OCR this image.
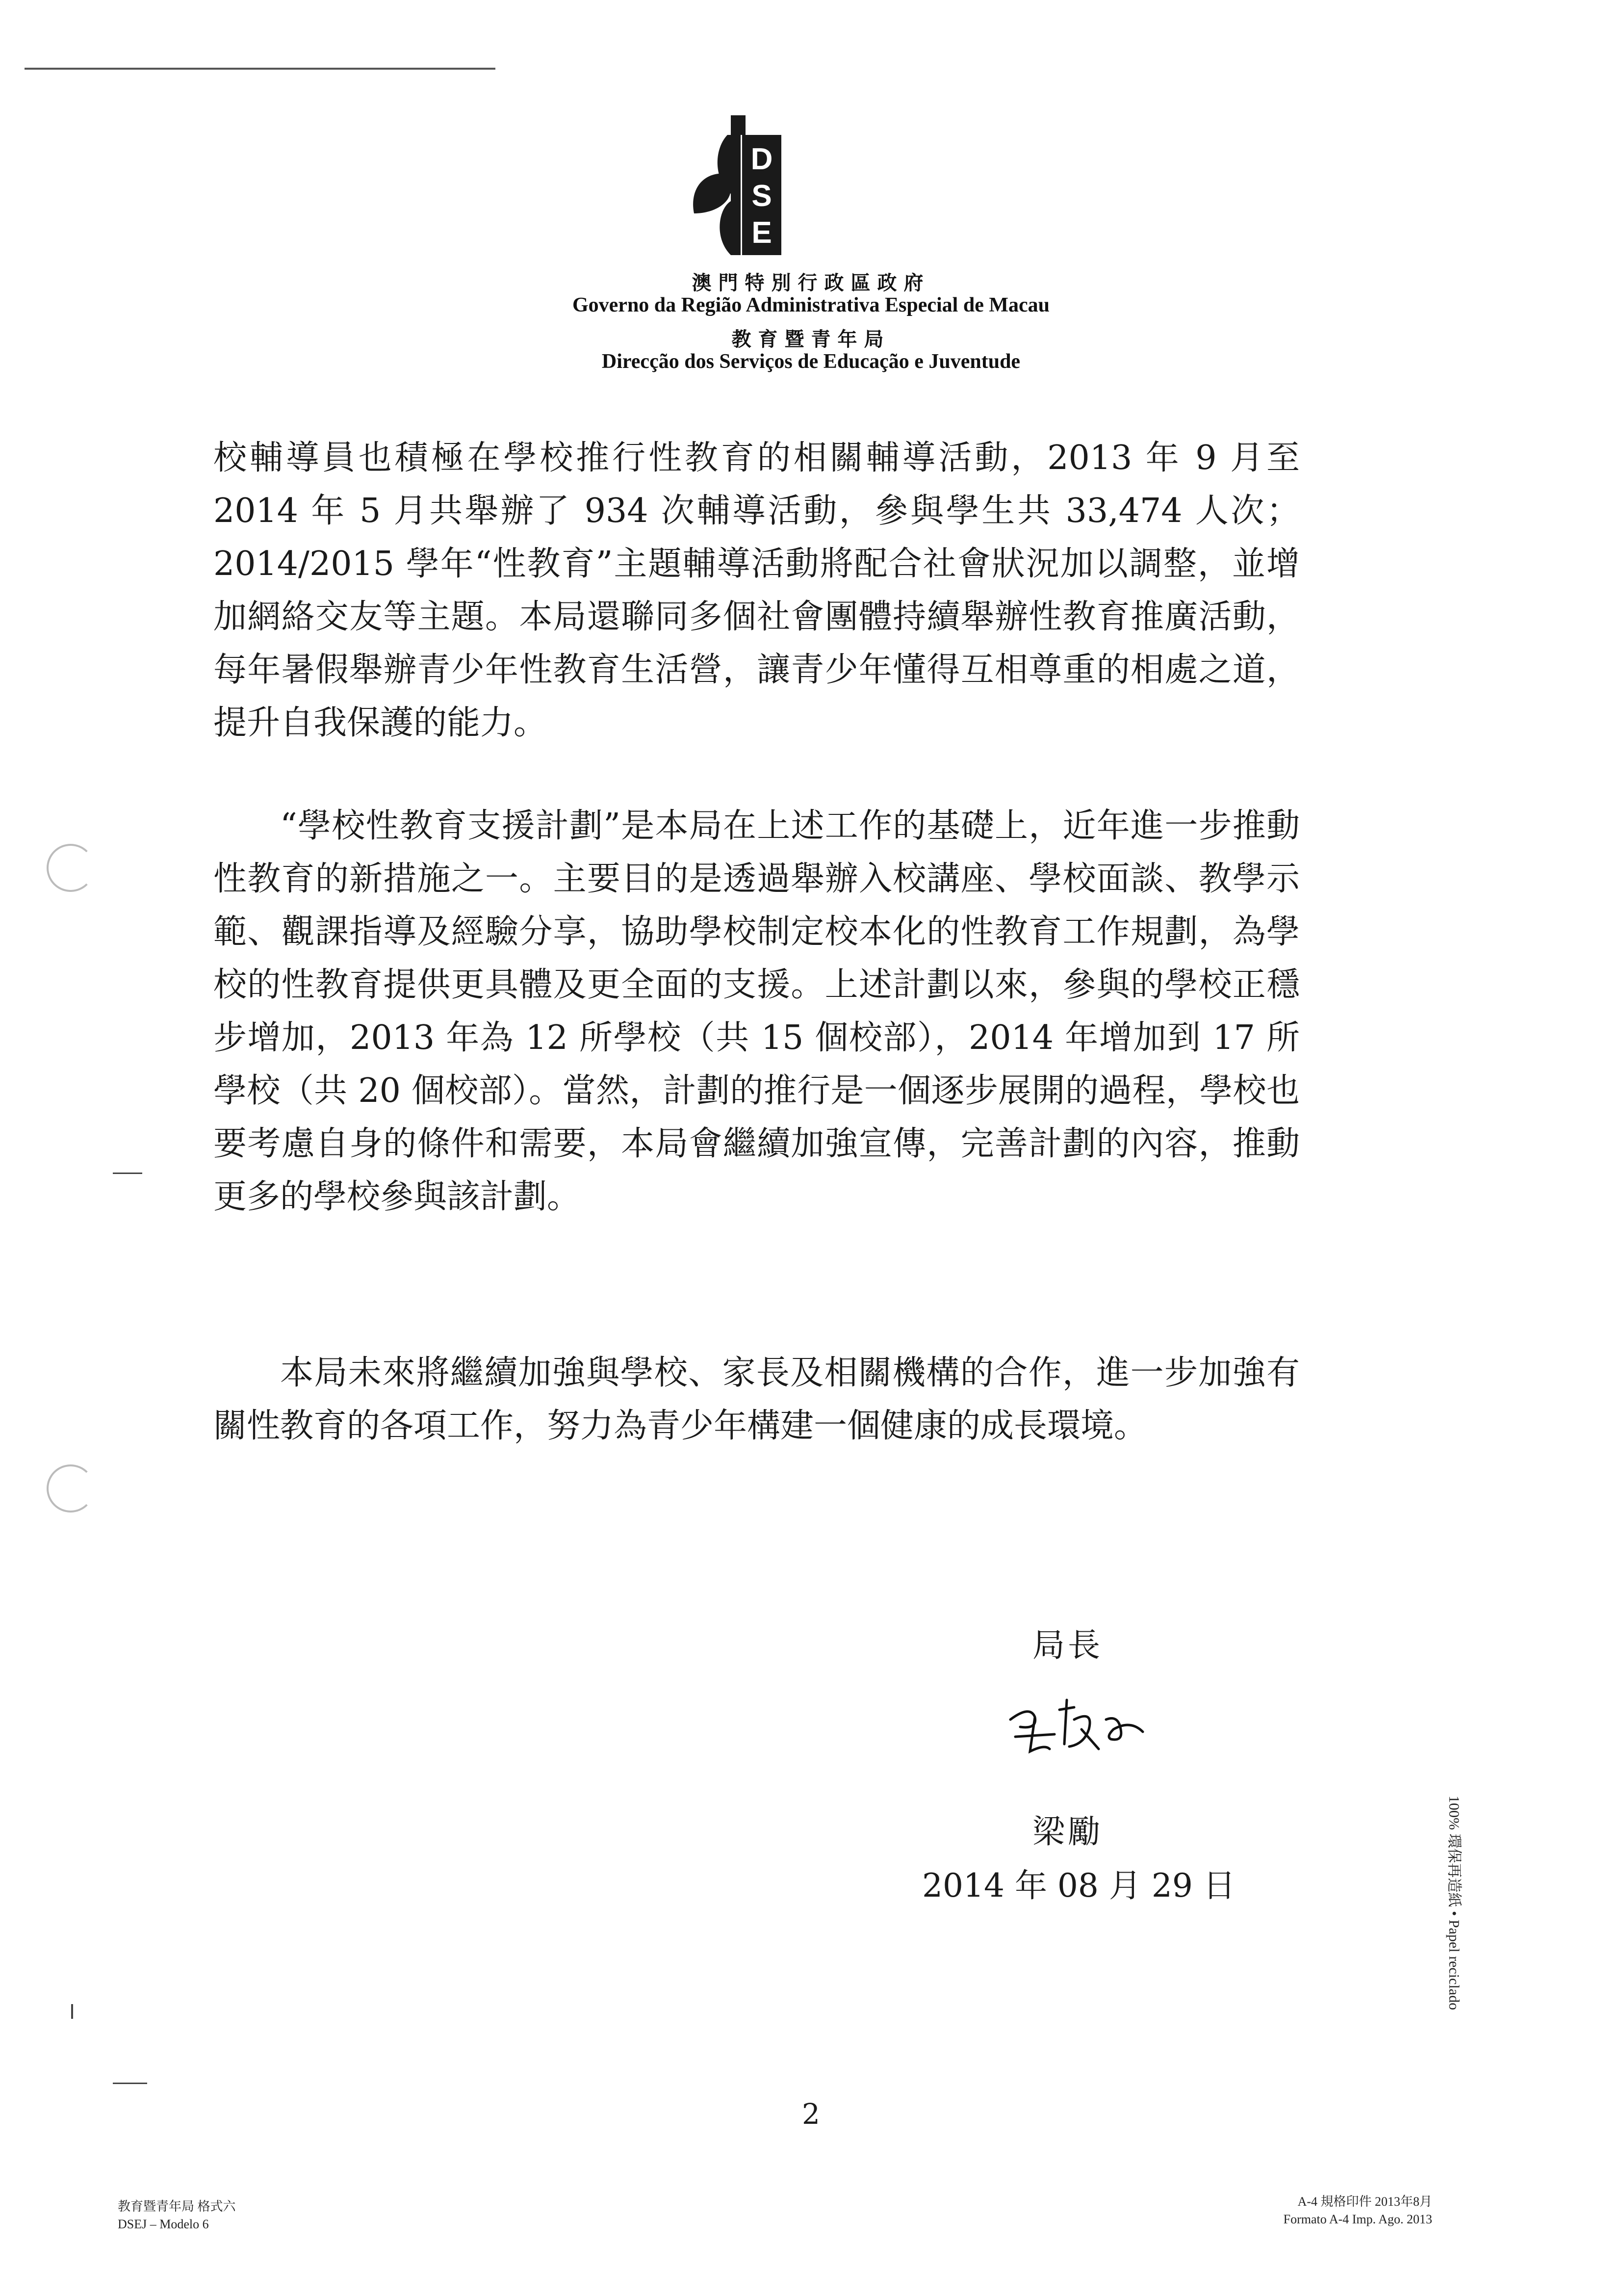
D
S
E
澳門特別行政區政府
Governo da Região Administrativa Especial de Macau
教育暨青年局
Direcção dos Serviços de Educação e Juventude

校輔導員也積極在學校推行性教育的相關輔導活動，2013 年 9 月至 2014 年 5 月共舉辦了 934 次輔導活動，參與學生共 33,474 人次；2014/2015 學年“性教育”主題輔導活動將配合社會狀況加以調整，並增加網絡交友等主題。本局還聯同多個社會團體持續舉辦性教育推廣活動，每年暑假舉辦青少年性教育生活營，讓青少年懂得互相尊重的相處之道，提升自我保護的能力。

“學校性教育支援計劃”是本局在上述工作的基礎上，近年進一步推動性教育的新措施之一。主要目的是透過舉辦入校講座、學校面談、教學示範、觀課指導及經驗分享，協助學校制定校本化的性教育工作規劃，為學校的性教育提供更具體及更全面的支援。上述計劃以來，參與的學校正穩步增加，2013 年為 12 所學校（共 15 個校部），2014 年增加到 17 所學校（共 20 個校部）。當然，計劃的推行是一個逐步展開的過程，學校也要考慮自身的條件和需要，本局會繼續加強宣傳，完善計劃的內容，推動更多的學校參與該計劃。

本局未來將繼續加強與學校、家長及相關機構的合作，進一步加強有關性教育的各項工作，努力為青少年構建一個健康的成長環境。

局長
梁勵
2014 年 08 月 29 日
2
教育暨青年局 格式六
DSEJ – Modelo 6
A-4 規格印件 2013年8月
Formato A-4 Imp. Ago. 2013
100% 環保再造紙 • Papel reciclado
